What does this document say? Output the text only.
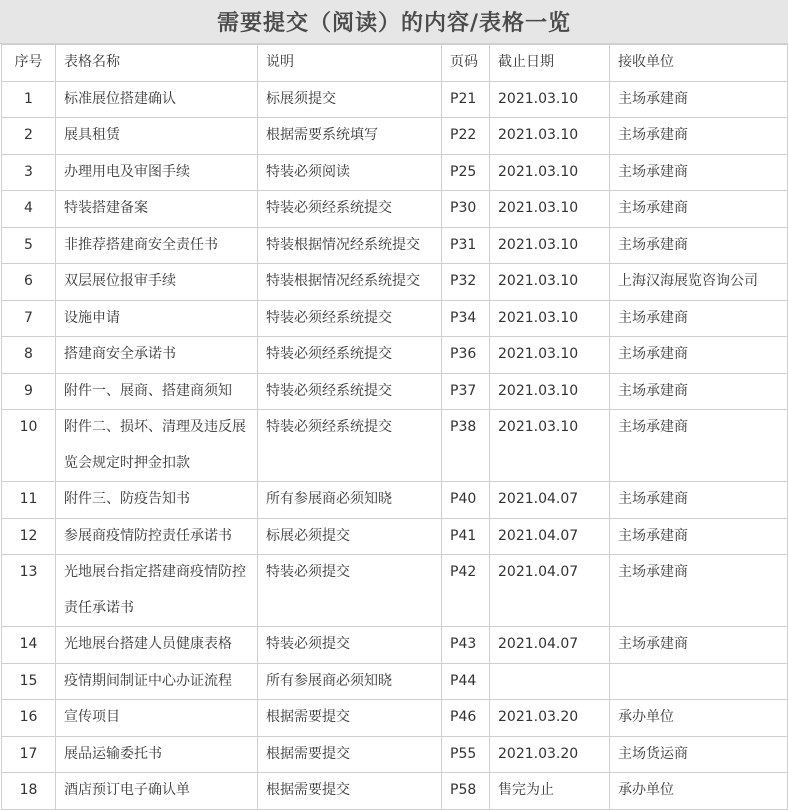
需要提交（阅读）的内容/表格一览
序号	表格名称	说明	页码	截止日期	接收单位
1	标准展位搭建确认	标展须提交	P21	2021.03.10	主场承建商
2	展具租赁	根据需要系统填写	P22	2021.03.10	主场承建商
3	办理用电及审图手续	特装必须阅读	P25	2021.03.10	主场承建商
4	特装搭建备案	特装必须经系统提交	P30	2021.03.10	主场承建商
5	非推荐搭建商安全责任书	特装根据情况经系统提交	P31	2021.03.10	主场承建商
6	双层展位报审手续	特装根据情况经系统提交	P32	2021.03.10	上海汉海展览咨询公司
7	设施申请	特装必须经系统提交	P34	2021.03.10	主场承建商
8	搭建商安全承诺书	特装必须经系统提交	P36	2021.03.10	主场承建商
9	附件一、展商、搭建商须知	特装必须经系统提交	P37	2021.03.10	主场承建商
10	附件二、损坏、清理及违反展览会规定时押金扣款	特装必须经系统提交	P38	2021.03.10	主场承建商
11	附件三、防疫告知书	所有参展商必须知晓	P40	2021.04.07	主场承建商
12	参展商疫情防控责任承诺书	标展必须提交	P41	2021.04.07	主场承建商
13	光地展台指定搭建商疫情防控责任承诺书	特装必须提交	P42	2021.04.07	主场承建商
14	光地展台搭建人员健康表格	特装必须提交	P43	2021.04.07	主场承建商
15	疫情期间制证中心办证流程	所有参展商必须知晓	P44		
16	宣传项目	根据需要提交	P46	2021.03.20	承办单位
17	展品运输委托书	根据需要提交	P55	2021.03.20	主场货运商
18	酒店预订电子确认单	根据需要提交	P58	售完为止	承办单位
